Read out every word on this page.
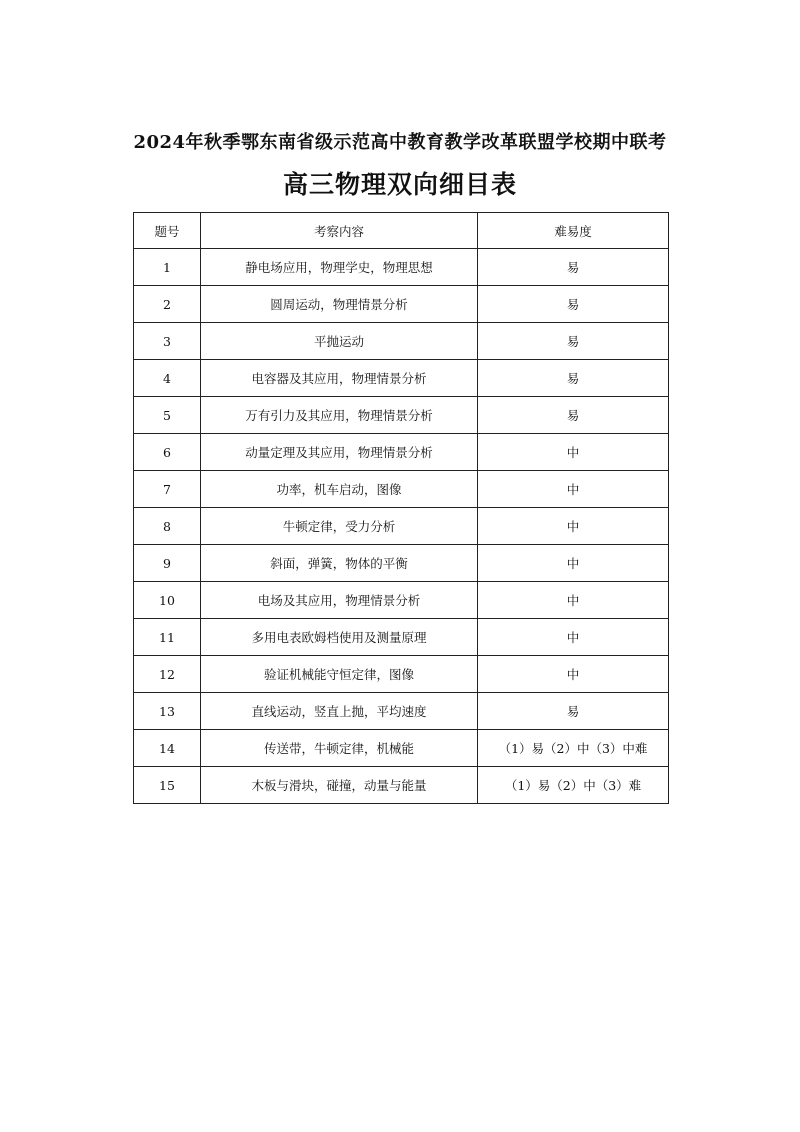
2024年秋季鄂东南省级示范高中教育教学改革联盟学校期中联考
高三物理双向细目表
题号	考察内容	难易度
1	静电场应用，物理学史，物理思想	易
2	圆周运动，物理情景分析	易
3	平抛运动	易
4	电容器及其应用，物理情景分析	易
5	万有引力及其应用，物理情景分析	易
6	动量定理及其应用，物理情景分析	中
7	功率，机车启动，图像	中
8	牛顿定律，受力分析	中
9	斜面，弹簧，物体的平衡	中
10	电场及其应用，物理情景分析	中
11	多用电表欧姆档使用及测量原理	中
12	验证机械能守恒定律，图像	中
13	直线运动，竖直上抛，平均速度	易
14	传送带，牛顿定律，机械能	（1）易（2）中（3）中难
15	木板与滑块，碰撞，动量与能量	（1）易（2）中（3）难
